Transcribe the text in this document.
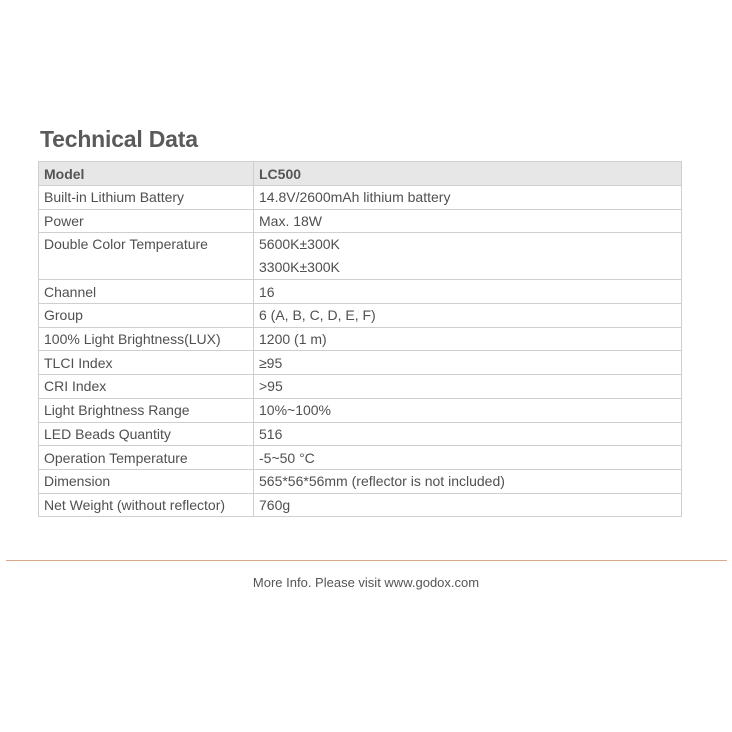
Technical Data
Model	LC500
Built-in Lithium Battery	14.8V/2600mAh lithium battery
Power	Max. 18W
Double Color Temperature	5600K±300K
3300K±300K

Channel	16
Group	6 (A, B, C, D, E, F)
100% Light Brightness(LUX)	1200 (1 m)
TLCI Index	≥95
CRI Index	>95
Light Brightness Range	10%~100%
LED Beads Quantity	516
Operation Temperature	-5~50 °C
Dimension	565*56*56mm (reflector is not included)
Net Weight (without reflector)	760g
More Info. Please visit www.godox.com
